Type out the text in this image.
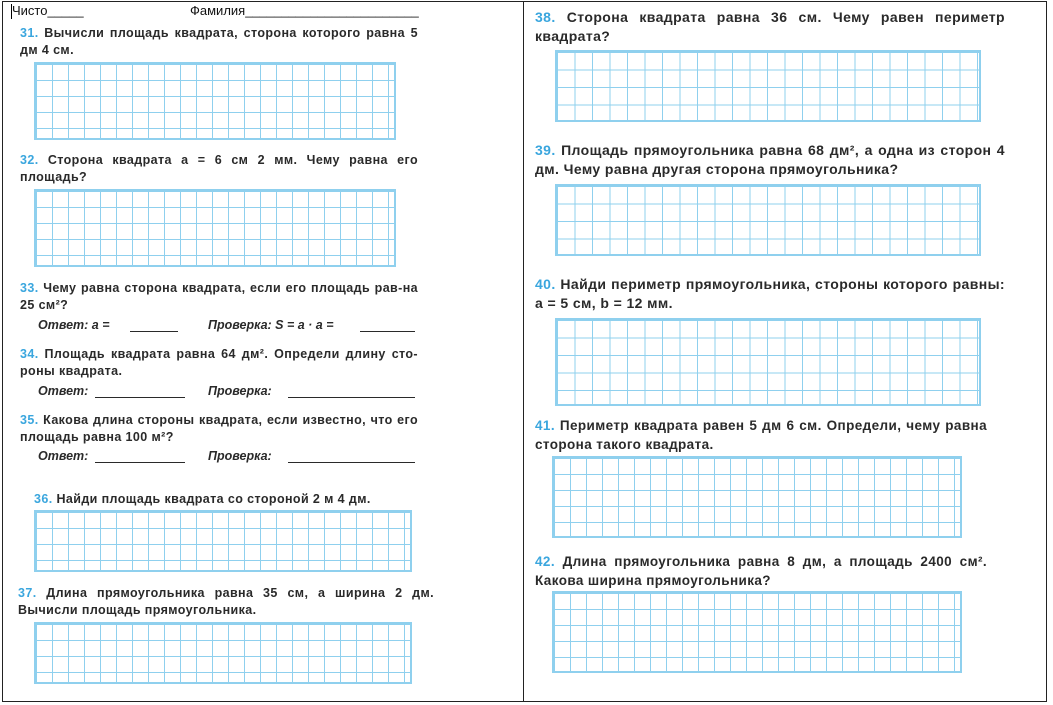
Чисто_____	Фамилия________________________
31. Вычисли площадь квадрата, сторона которого равна 5 дм 4 см.
32. Сторона квадрата a = 6 см 2 мм. Чему равна его площадь?
33. Чему равна сторона квадрата, если его площадь рав-на 25 см²?
Ответ: a =	Проверка: S = a · a =
34. Площадь квадрата равна 64 дм². Определи длину сто-роны квадрата.
Ответ:	Проверка:
35. Какова длина стороны квадрата, если известно, что его площадь равна 100 м²?
Ответ:	Проверка:
36. Найди площадь квадрата со стороной 2 м 4 дм.
37. Длина прямоугольника равна 35 см, а ширина 2 дм. Вычисли площадь прямоугольника.
38. Сторона квадрата равна 36 см. Чему равен периметр квадрата?
39. Площадь прямоугольника равна 68 дм², а одна из сторон 4 дм. Чему равна другая сторона прямоугольника?
40. Найди периметр прямоугольника, стороны которого равны: a = 5 см, b = 12 мм.
41. Периметр квадрата равен 5 дм 6 см. Определи, чему равна сторона такого квадрата.
42. Длина прямоугольника равна 8 дм, а площадь 2400 см². Какова ширина прямоугольника?
